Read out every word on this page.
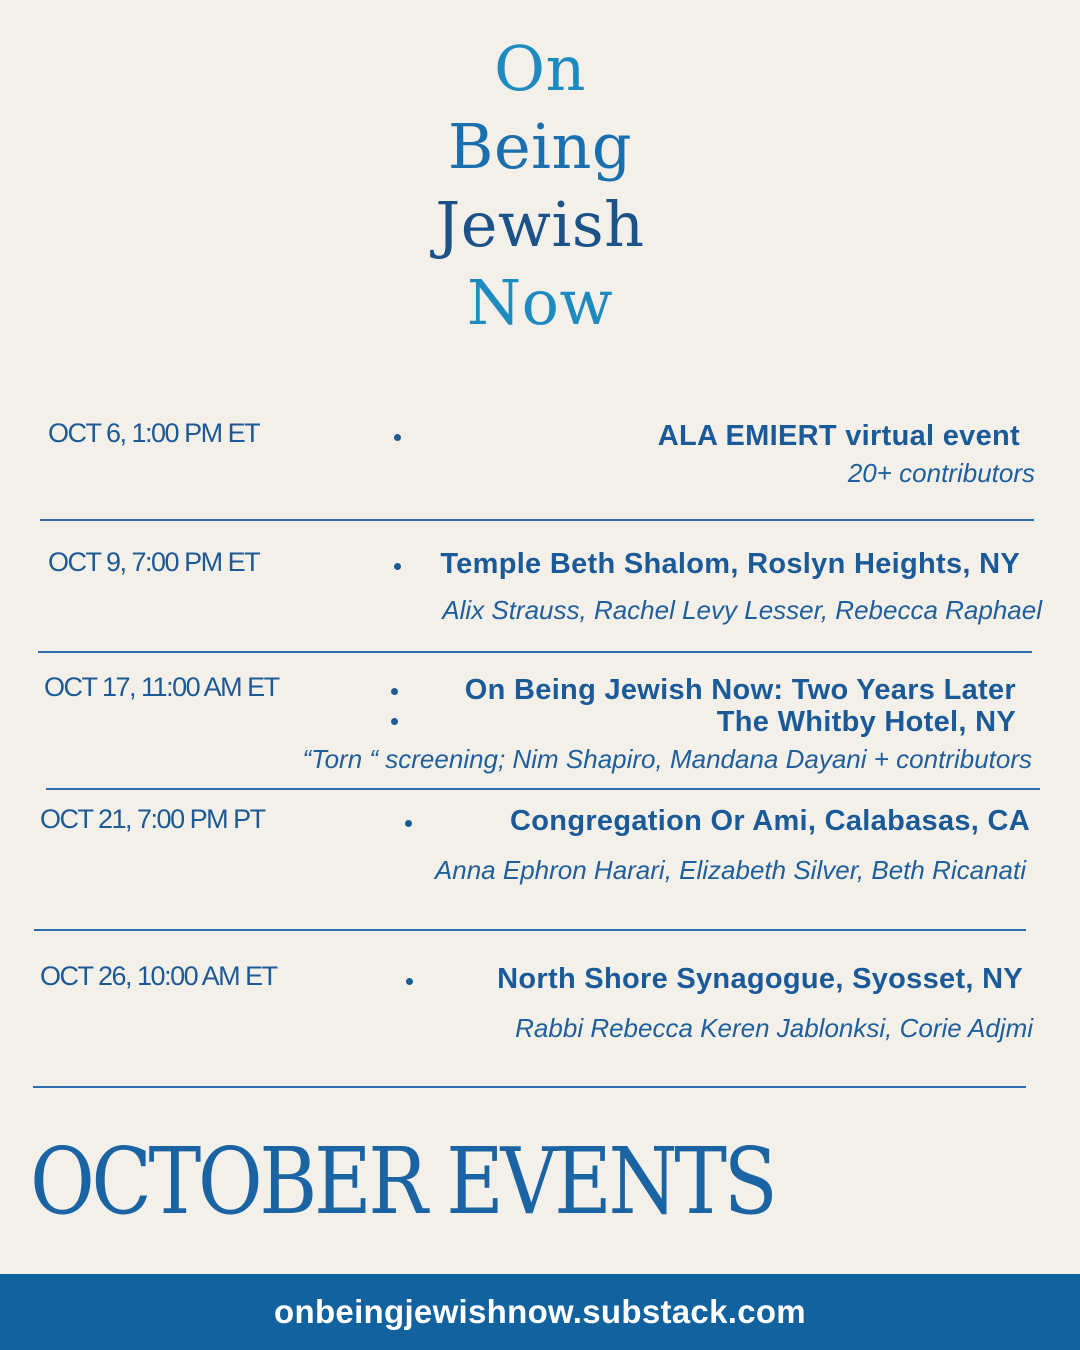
On
Being
Jewish
Now
OCT 6, 1:00 PM ET	ALA EMIERT virtual event
20+ contributors
OCT 9, 7:00 PM ET	Temple Beth Shalom, Roslyn Heights, NY
Alix Strauss, Rachel Levy Lesser, Rebecca Raphael
OCT 17, 11:00 AM ET	On Being Jewish Now: Two Years Later
The Whitby Hotel, NY
“Torn “ screening; Nim Shapiro, Mandana Dayani + contributors
OCT 21, 7:00 PM PT	Congregation Or Ami, Calabasas, CA
Anna Ephron Harari, Elizabeth Silver, Beth Ricanati
OCT 26, 10:00 AM ET	North Shore Synagogue, Syosset, NY
Rabbi Rebecca Keren Jablonksi, Corie Adjmi
OCTOBER EVENTS
onbeingjewishnow.substack.com
